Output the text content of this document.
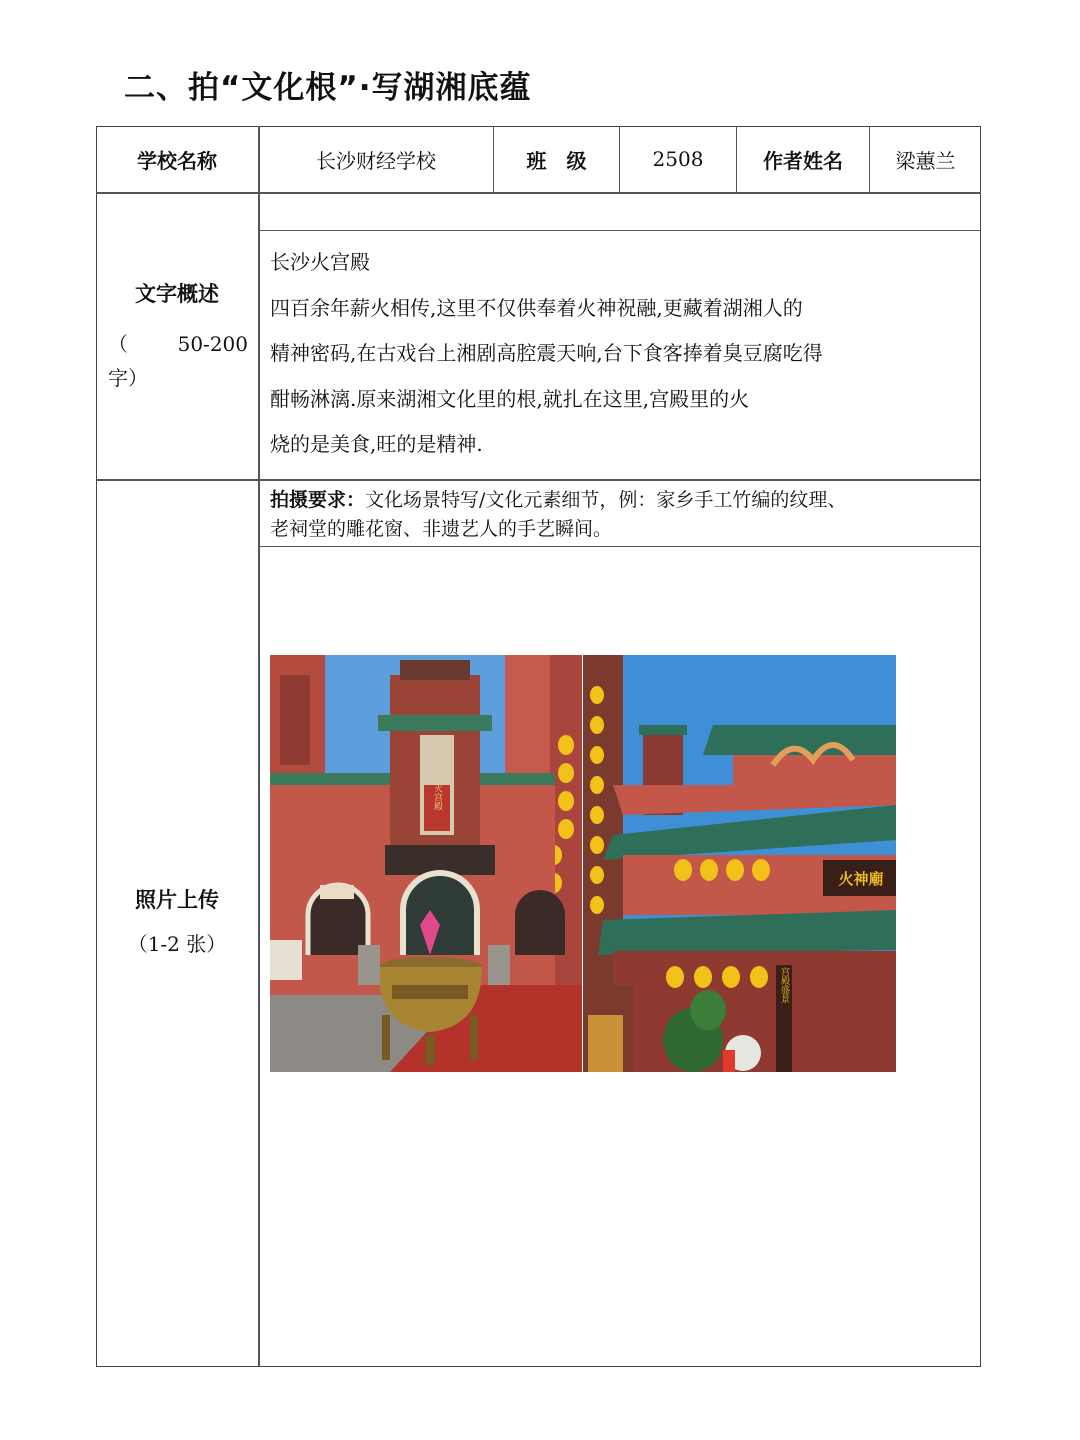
二、拍“文化根”·写湖湘底蕴
学校名称	长沙财经学校	班　级	2508	作者姓名	梁蕙兰
文字概述
（　　50-200
字）
长沙火宫殿
四百余年薪火相传,这里不仅供奉着火神祝融,更藏着湖湘人的
精神密码,在古戏台上湘剧高腔震天响,台下食客捧着臭豆腐吃得
酣畅淋漓.原来湖湘文化里的根,就扎在这里,宫殿里的火
烧的是美食,旺的是精神.
照片上传
（1-2 张）
拍摄要求：文化场景特写/文化元素细节，例：家乡手工竹编的纹理、
老祠堂的雕花窗、非遗艺人的手艺瞬间。
火宫殿
火神廟
宫殿盛景
